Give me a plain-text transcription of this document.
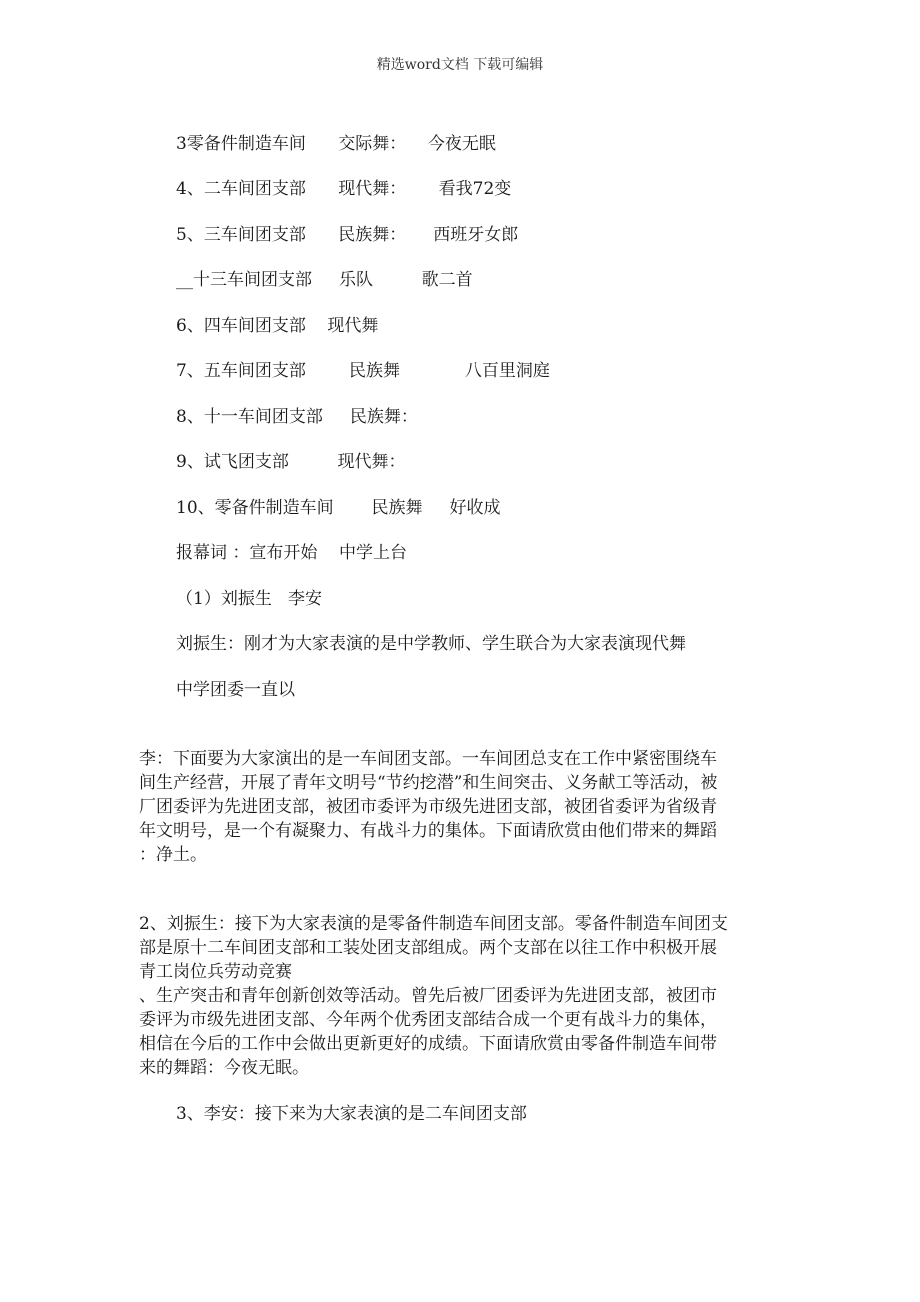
精选word文档 下载可编辑
3零备件制造车间      交际舞：    今夜无眠
4、二车间团支部      现代舞：      看我72变
5、三车间团支部      民族舞：     西班牙女郎
__十三车间团支部     乐队         歌二首
6、四车间团支部    现代舞
7、五车间团支部        民族舞            八百里洞庭
8、十一车间团支部     民族舞：
9、试飞团支部         现代舞：
10、零备件制造车间       民族舞     好收成
报幕词 ：宣布开始    中学上台
（1）刘振生   李安
刘振生：刚才为大家表演的是中学教师、学生联合为大家表演现代舞
中学团委一直以

李：下面要为大家演出的是一车间团支部。一车间团总支在工作中紧密围绕车

间生产经营，开展了青年文明号“节约挖潜”和生间突击、义务献工等活动，被

厂团委评为先进团支部，被团市委评为市级先进团支部，被团省委评为省级青

年文明号，是一个有凝聚力、有战斗力的集体。下面请欣赏由他们带来的舞蹈

：净土。

2、刘振生：接下为大家表演的是零备件制造车间团支部。零备件制造车间团支

部是原十二车间团支部和工装处团支部组成。两个支部在以往工作中积极开展

青工岗位兵劳动竞赛

、生产突击和青年创新创效等活动。曾先后被厂团委评为先进团支部，被团市

委评为市级先进团支部、今年两个优秀团支部结合成一个更有战斗力的集体，

相信在今后的工作中会做出更新更好的成绩。下面请欣赏由零备件制造车间带

来的舞蹈：今夜无眠。

3、李安：接下来为大家表演的是二车间团支部
